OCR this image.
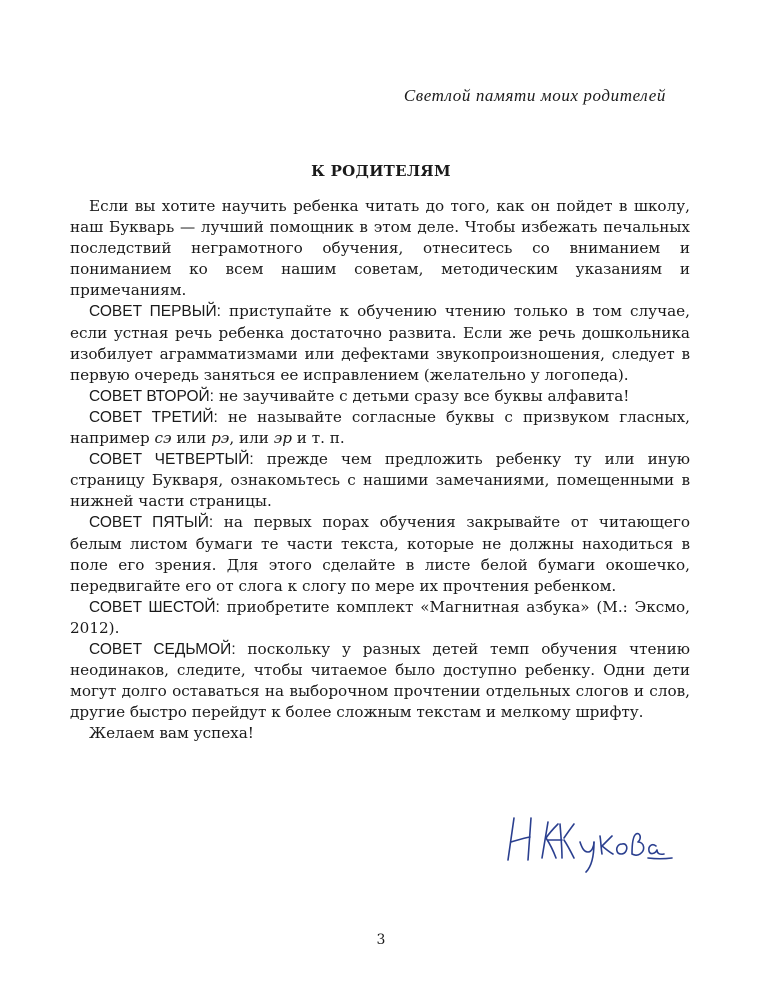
Светлой памяти моих родителей
К РОДИТЕЛЯМ

Если вы хотите научить ребенка читать до того, как он пойдет в школу, наш Букварь — лучший помощник в этом деле. Чтобы избежать печальных последствий неграмотного обучения, отнеситесь со вниманием и пониманием ко всем нашим советам, методическим указаниям и примечаниям.

СОВЕТ ПЕРВЫЙ: приступайте к обучению чтению только в том случае, если устная речь ребенка достаточно развита. Если же речь дошкольника изобилует аграмматизмами или дефектами звукопроизношения, следует в первую очередь заняться ее исправлением (желательно у логопеда).

СОВЕТ ВТОРОЙ: не заучивайте с детьми сразу все буквы алфавита!

СОВЕТ ТРЕТИЙ: не называйте согласные буквы с призвуком гласных, например сэ или рэ, или эр и т. п.

СОВЕТ ЧЕТВЕРТЫЙ: прежде чем предложить ребенку ту или иную страницу Букваря, ознакомьтесь с нашими замечаниями, помещенными в нижней части страницы.

СОВЕТ ПЯТЫЙ: на первых порах обучения закрывайте от читающего белым листом бумаги те части текста, которые не должны находиться в поле его зрения. Для этого сделайте в листе белой бумаги окошечко, передвигайте его от слога к слогу по мере их прочтения ребенком.

СОВЕТ ШЕСТОЙ: приобретите комплект «Магнитная азбука» (М.: Эксмо, 2012).

СОВЕТ СЕДЬМОЙ: поскольку у разных детей темп обучения чтению неодинаков, следите, чтобы читаемое было доступно ребенку. Одни дети могут долго оставаться на выборочном прочтении отдельных слогов и слов, другие быстро перейдут к более сложным текстам и мелкому шрифту.

Желаем вам успеха!

3
